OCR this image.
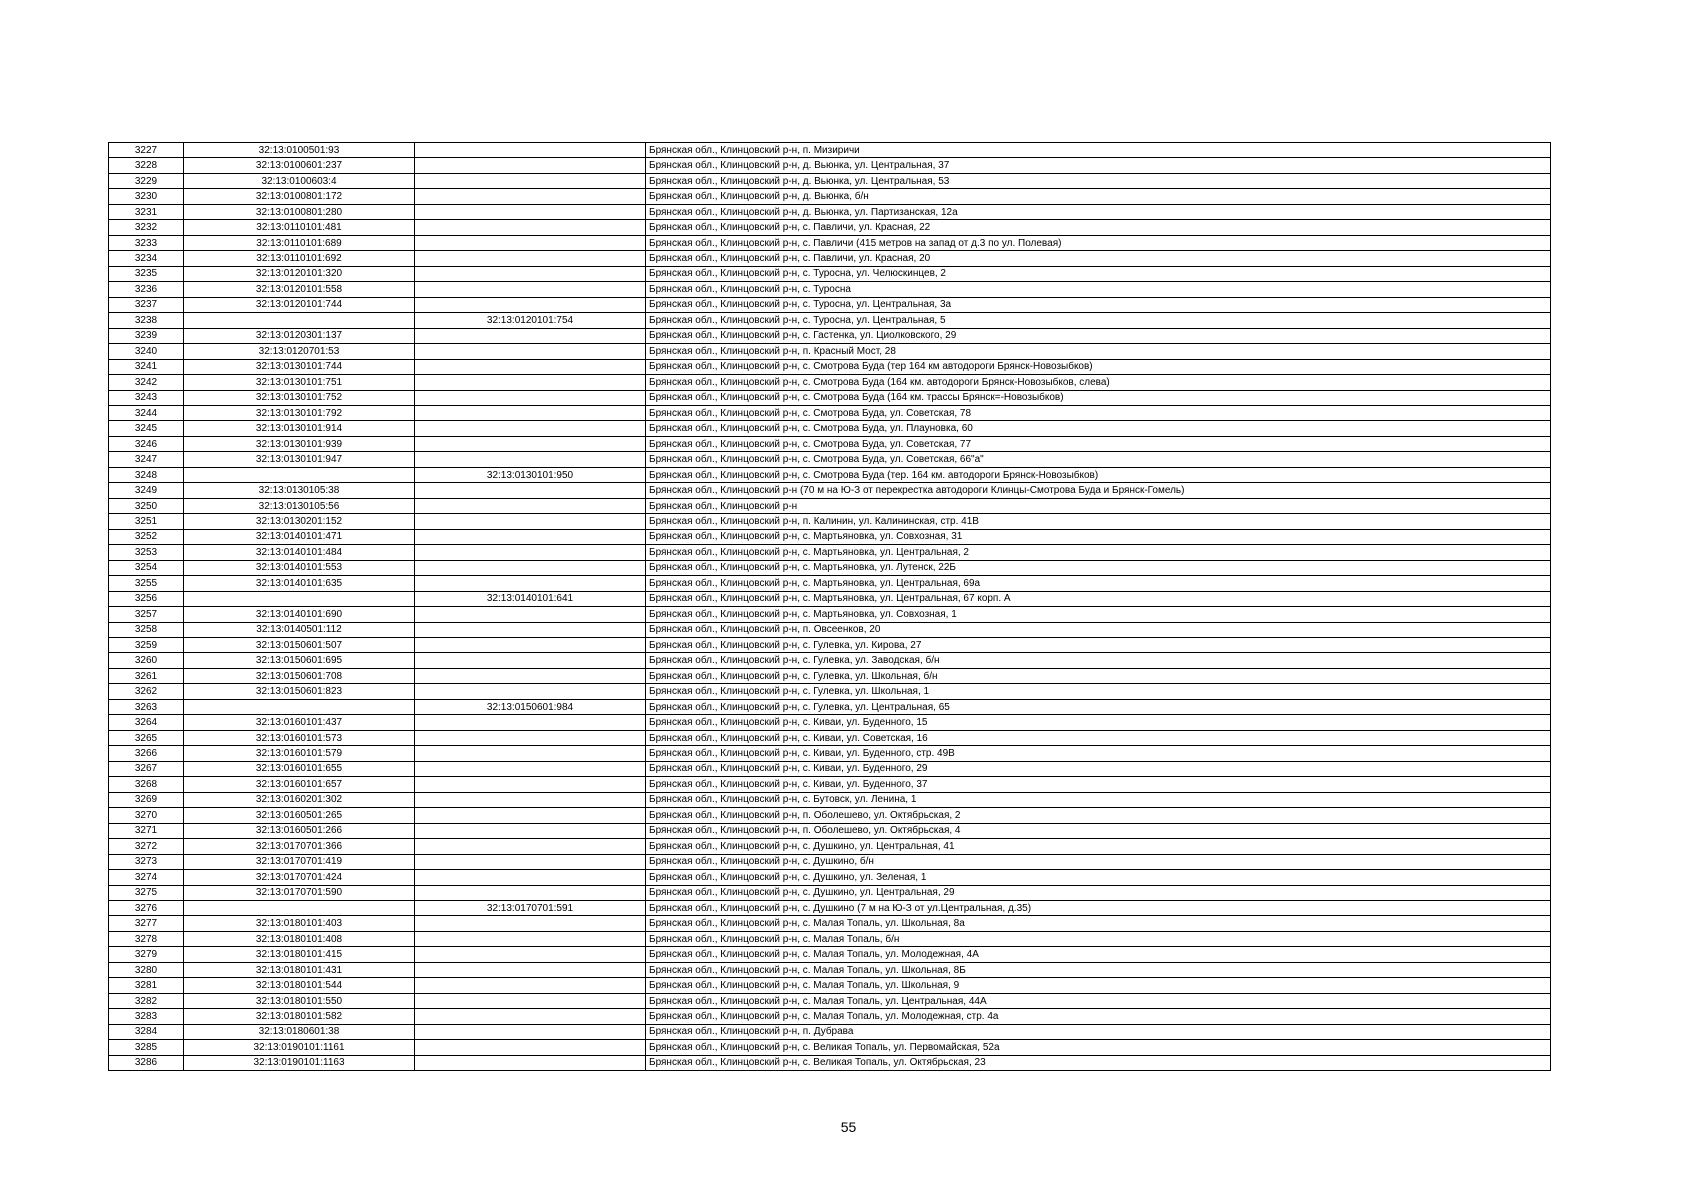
3227	32:13:0100501:93		Брянская обл., Клинцовский р-н, п. Мизиричи
3228	32:13:0100601:237		Брянская обл., Клинцовский р-н, д. Вьюнка, ул. Центральная, 37
3229	32:13:0100603:4		Брянская обл., Клинцовский р-н, д. Вьюнка, ул. Центральная, 53
3230	32:13:0100801:172		Брянская обл., Клинцовский р-н, д. Вьюнка, б/н
3231	32:13:0100801:280		Брянская обл., Клинцовский р-н, д. Вьюнка, ул. Партизанская, 12а
3232	32:13:0110101:481		Брянская обл., Клинцовский р-н, с. Павличи, ул. Красная, 22
3233	32:13:0110101:689		Брянская обл., Клинцовский р-н, с. Павличи (415 метров на запад от д.3 по ул. Полевая)
3234	32:13:0110101:692		Брянская обл., Клинцовский р-н, с. Павличи, ул. Красная, 20
3235	32:13:0120101:320		Брянская обл., Клинцовский р-н, с. Туросна, ул. Челюскинцев, 2
3236	32:13:0120101:558		Брянская обл., Клинцовский р-н, с. Туросна
3237	32:13:0120101:744		Брянская обл., Клинцовский р-н, с. Туросна, ул. Центральная, 3а
3238		32:13:0120101:754	Брянская обл., Клинцовский р-н, с. Туросна, ул. Центральная, 5
3239	32:13:0120301:137		Брянская обл., Клинцовский р-н, с. Гастенка, ул. Циолковского, 29
3240	32:13:0120701:53		Брянская обл., Клинцовский р-н, п. Красный Мост, 28
3241	32:13:0130101:744		Брянская обл., Клинцовский р-н, с. Смотрова Буда (тер 164 км автодороги Брянск-Новозыбков)
3242	32:13:0130101:751		Брянская обл., Клинцовский р-н, с. Смотрова Буда (164 км. автодороги Брянск-Новозыбков, слева)
3243	32:13:0130101:752		Брянская обл., Клинцовский р-н, с. Смотрова Буда (164 км. трассы Брянск=-Новозыбков)
3244	32:13:0130101:792		Брянская обл., Клинцовский р-н, с. Смотрова Буда, ул. Советская, 78
3245	32:13:0130101:914		Брянская обл., Клинцовский р-н, с. Смотрова Буда, ул. Плауновка, 60
3246	32:13:0130101:939		Брянская обл., Клинцовский р-н, с. Смотрова Буда, ул. Советская, 77
3247	32:13:0130101:947		Брянская обл., Клинцовский р-н, с. Смотрова Буда, ул. Советская, 66"а"
3248		32:13:0130101:950	Брянская обл., Клинцовский р-н, с. Смотрова Буда (тер. 164 км. автодороги Брянск-Новозыбков)
3249	32:13:0130105:38		Брянская обл., Клинцовский р-н (70 м на Ю-З от перекрестка автодороги Клинцы-Смотрова Буда и Брянск-Гомель)
3250	32:13:0130105:56		Брянская обл., Клинцовский р-н
3251	32:13:0130201:152		Брянская обл., Клинцовский р-н, п. Калинин, ул. Калининская, стр. 41В
3252	32:13:0140101:471		Брянская обл., Клинцовский р-н, с. Мартьяновка, ул. Совхозная, 31
3253	32:13:0140101:484		Брянская обл., Клинцовский р-н, с. Мартьяновка, ул. Центральная, 2
3254	32:13:0140101:553		Брянская обл., Клинцовский р-н, с. Мартьяновка, ул. Лутенск, 22Б
3255	32:13:0140101:635		Брянская обл., Клинцовский р-н, с. Мартьяновка, ул. Центральная, 69а
3256		32:13:0140101:641	Брянская обл., Клинцовский р-н, с. Мартьяновка, ул. Центральная, 67 корп. А
3257	32:13:0140101:690		Брянская обл., Клинцовский р-н, с. Мартьяновка, ул. Совхозная, 1
3258	32:13:0140501:112		Брянская обл., Клинцовский р-н, п. Овсеенков, 20
3259	32:13:0150601:507		Брянская обл., Клинцовский р-н, с. Гулевка, ул. Кирова, 27
3260	32:13:0150601:695		Брянская обл., Клинцовский р-н, с. Гулевка, ул. Заводская, б/н
3261	32:13:0150601:708		Брянская обл., Клинцовский р-н, с. Гулевка, ул. Школьная, б/н
3262	32:13:0150601:823		Брянская обл., Клинцовский р-н, с. Гулевка, ул. Школьная, 1
3263		32:13:0150601:984	Брянская обл., Клинцовский р-н, с. Гулевка, ул. Центральная, 65
3264	32:13:0160101:437		Брянская обл., Клинцовский р-н, с. Киваи, ул. Буденного, 15
3265	32:13:0160101:573		Брянская обл., Клинцовский р-н, с. Киваи, ул. Советская, 16
3266	32:13:0160101:579		Брянская обл., Клинцовский р-н, с. Киваи, ул. Буденного, стр. 49В
3267	32:13:0160101:655		Брянская обл., Клинцовский р-н, с. Киваи, ул. Буденного, 29
3268	32:13:0160101:657		Брянская обл., Клинцовский р-н, с. Киваи, ул. Буденного, 37
3269	32:13:0160201:302		Брянская обл., Клинцовский р-н, с. Бутовск, ул. Ленина, 1
3270	32:13:0160501:265		Брянская обл., Клинцовский р-н, п. Оболешево, ул. Октябрьская, 2
3271	32:13:0160501:266		Брянская обл., Клинцовский р-н, п. Оболешево, ул. Октябрьская, 4
3272	32:13:0170701:366		Брянская обл., Клинцовский р-н, с. Душкино, ул. Центральная, 41
3273	32:13:0170701:419		Брянская обл., Клинцовский р-н, с. Душкино, б/н
3274	32:13:0170701:424		Брянская обл., Клинцовский р-н, с. Душкино, ул. Зеленая, 1
3275	32:13:0170701:590		Брянская обл., Клинцовский р-н, с. Душкино, ул. Центральная, 29
3276		32:13:0170701:591	Брянская обл., Клинцовский р-н, с. Душкино (7 м на Ю-З от ул.Центральная, д.35)
3277	32:13:0180101:403		Брянская обл., Клинцовский р-н, с. Малая Топаль, ул. Школьная, 8а
3278	32:13:0180101:408		Брянская обл., Клинцовский р-н, с. Малая Топаль, б/н
3279	32:13:0180101:415		Брянская обл., Клинцовский р-н, с. Малая Топаль, ул. Молодежная, 4А
3280	32:13:0180101:431		Брянская обл., Клинцовский р-н, с. Малая Топаль, ул. Школьная, 8Б
3281	32:13:0180101:544		Брянская обл., Клинцовский р-н, с. Малая Топаль, ул. Школьная, 9
3282	32:13:0180101:550		Брянская обл., Клинцовский р-н, с. Малая Топаль, ул. Центральная, 44А
3283	32:13:0180101:582		Брянская обл., Клинцовский р-н, с. Малая Топаль, ул. Молодежная, стр. 4а
3284	32:13:0180601:38		Брянская обл., Клинцовский р-н, п. Дубрава
3285	32:13:0190101:1161		Брянская обл., Клинцовский р-н, с. Великая Топаль, ул. Первомайская, 52а
3286	32:13:0190101:1163		Брянская обл., Клинцовский р-н, с. Великая Топаль, ул. Октябрьская, 23
55
